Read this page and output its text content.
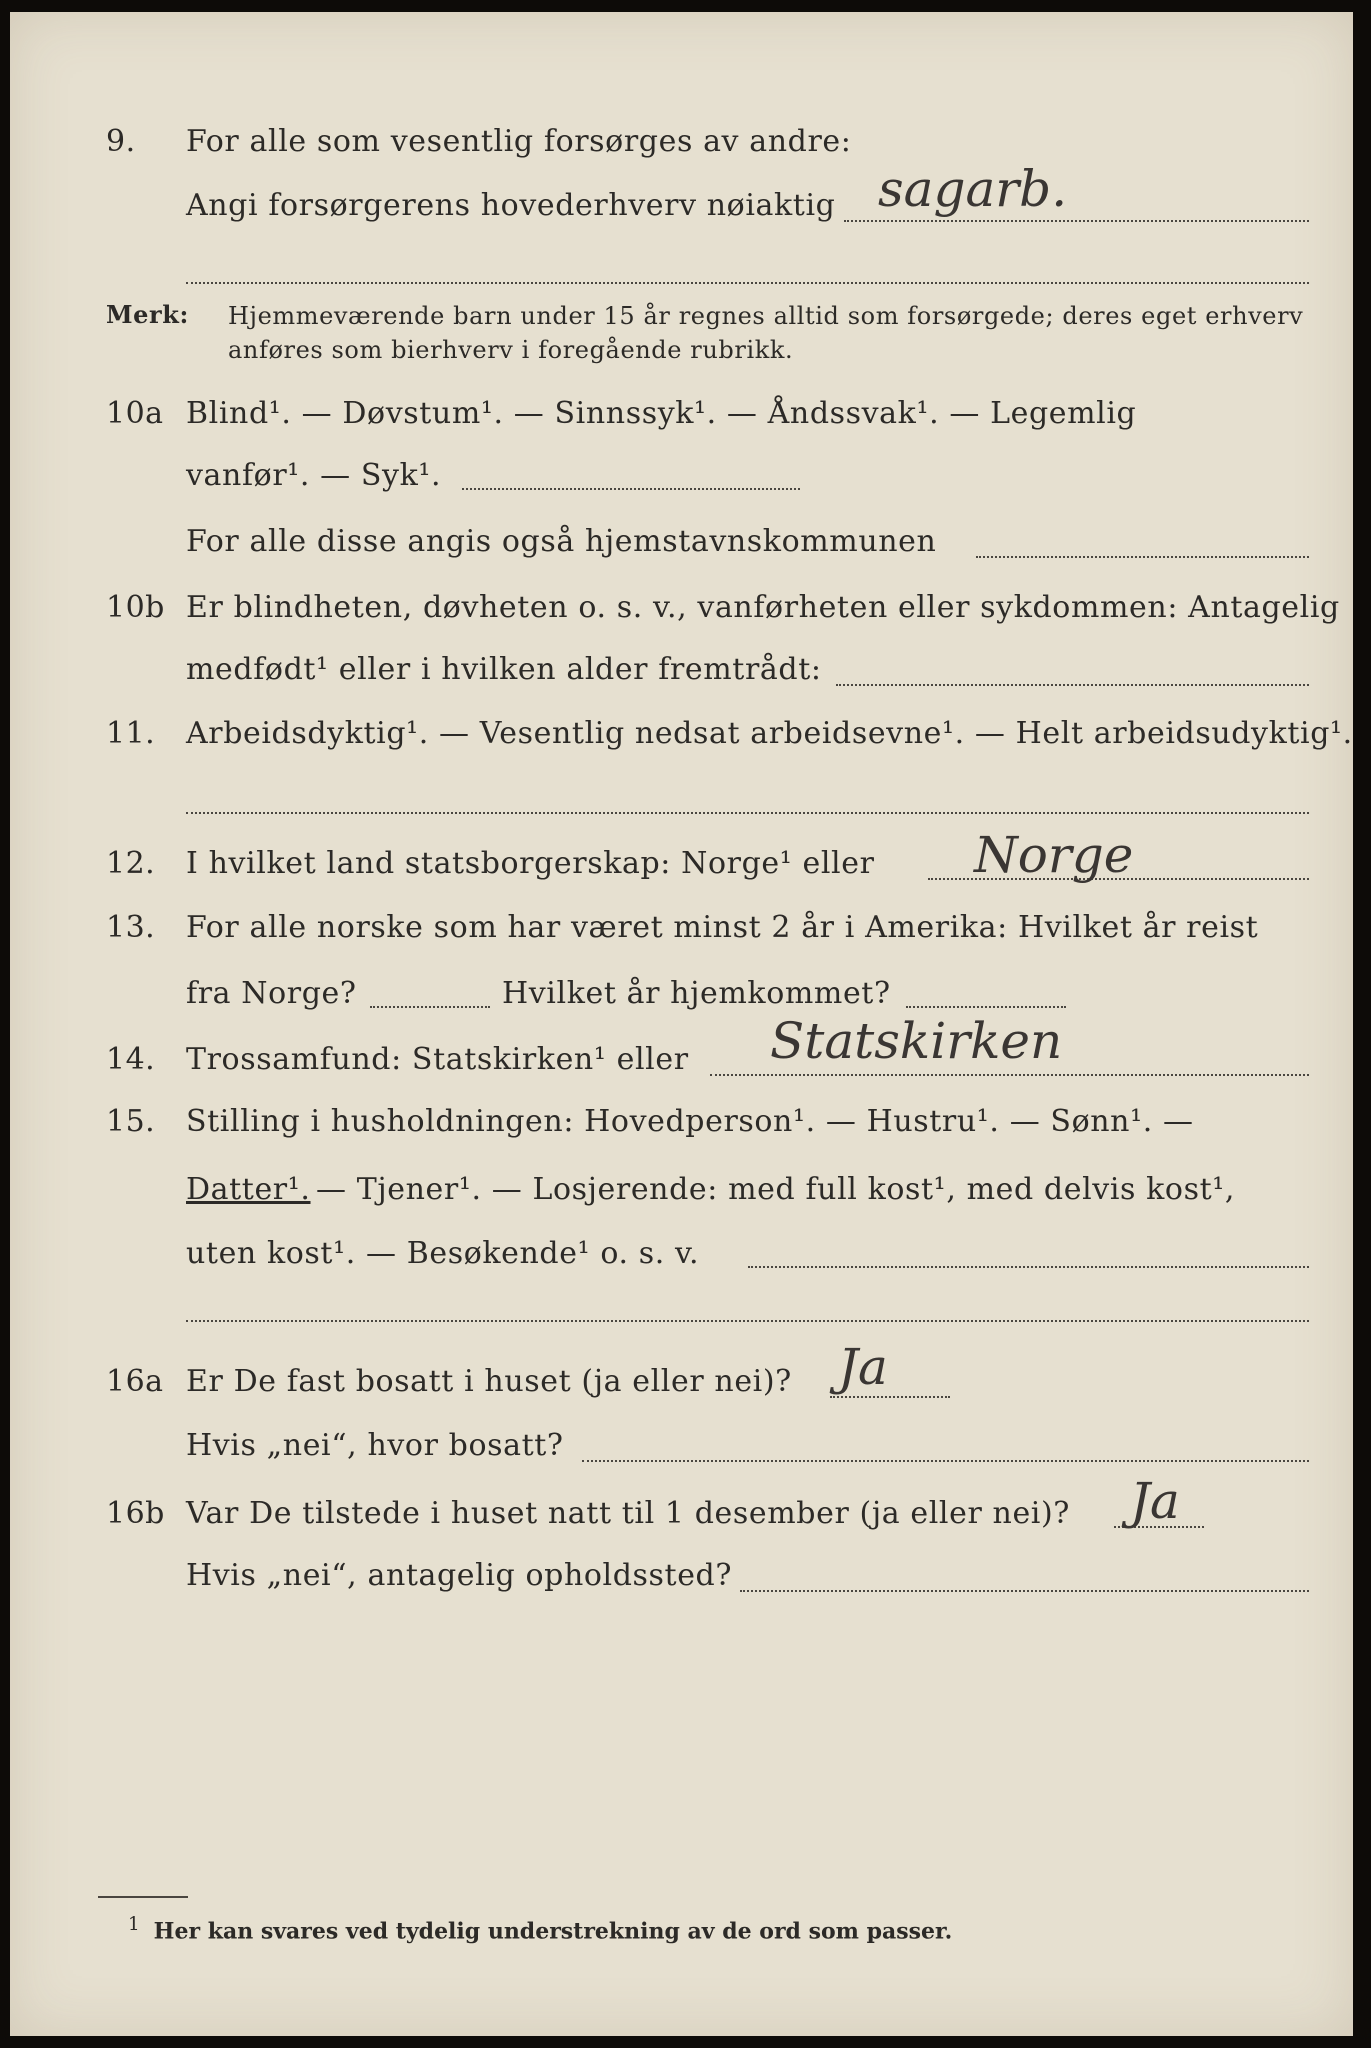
9. For alle som vesentlig forsørges av andre:
Angi forsørgerens hovederhverv nøiaktig sagarb.
Merk: Hjemmeværende barn under 15 år regnes alltid som forsørgede; deres eget erhverv
anføres som bierhverv i foregående rubrikk.
10a Blind¹. — Døvstum¹. — Sinnssyk¹. — Åndssvak¹. — Legemlig
vanfør¹. — Syk¹.
For alle disse angis også hjemstavnskommunen
10b Er blindheten, døvheten o. s. v., vanførheten eller sykdommen: Antagelig
medfødt¹ eller i hvilken alder fremtrådt:
11. Arbeidsdyktig¹. — Vesentlig nedsat arbeidsevne¹. — Helt arbeidsudyktig¹.
12. I hvilket land statsborgerskap: Norge¹ eller Norge
13. For alle norske som har været minst 2 år i Amerika: Hvilket år reist
fra Norge?	Hvilket år hjemkommet?
14. Trossamfund: Statskirken¹ eller Statskirken
15. Stilling i husholdningen: Hovedperson¹. — Hustru¹. — Sønn¹. —
Datter¹. — Tjener¹. — Losjerende: med full kost¹, med delvis kost¹,
uten kost¹. — Besøkende¹ o. s. v.
16a Er De fast bosatt i huset (ja eller nei)? Ja
Hvis „nei“, hvor bosatt?
16b Var De tilstede i huset natt til 1 desember (ja eller nei)? Ja
Hvis „nei“, antagelig opholdssted?
$^1$ Her kan svares ved tydelig understrekning av de ord som passer.
